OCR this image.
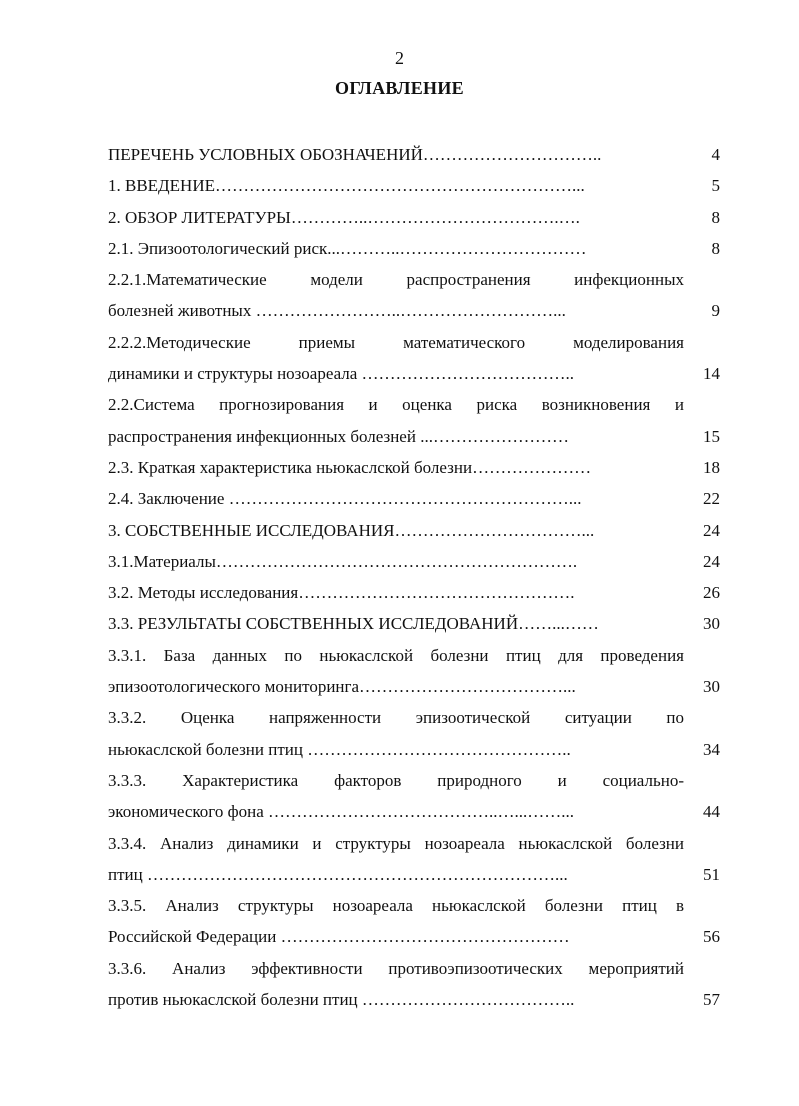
2
ОГЛАВЛЕНИЕ
ПЕРЕЧЕНЬ УСЛОВНЫХ ОБОЗНАЧЕНИЙ…………………………..	4
1. ВВЕДЕНИЕ………………………………………………………...	5
2. ОБЗОР ЛИТЕРАТУРЫ…………..…………………………….….	8
2.1. Эпизоотологический риск...………..……………………………	8
2.2.1.Математические модели распространения инфекционных
болезней животных ……………………..………………………...	9
2.2.2.Методические приемы математического моделирования
динамики и структуры нозоареала ………………………………..	14
2.2.Система прогнозирования и оценка риска возникновения и
распространения инфекционных болезней ...……………………	15
2.3. Краткая характеристика ньюкаслской болезни…………………	18
2.4. Заключение ……………………………………………………...	22
3. СОБСТВЕННЫЕ ИССЛЕДОВАНИЯ……………………………...	24
3.1.Материалы……………………………………………………….	24
3.2. Методы исследования………………………………………….	26
3.3. РЕЗУЛЬТАТЫ СОБСТВЕННЫХ ИССЛЕДОВАНИЙ……...……	30
3.3.1. База данных по ньюкаслской болезни птиц для проведения
эпизоотологического мониторинга………………………………...	30
3.3.2. Оценка напряженности эпизоотической ситуации по
ньюкаслской болезни птиц ………………………………………..	34
3.3.3. Характеристика факторов природного и социально-
экономического фона …………………………………..…...……...	44
3.3.4. Анализ динамики и структуры нозоареала ньюкаслской болезни
птиц ………………………………………………………………...	51
3.3.5. Анализ структуры нозоареала ньюкаслской болезни птиц в
Российской Федерации ……………………………………………	56
3.3.6. Анализ эффективности противоэпизоотических мероприятий
против ньюкаслской болезни птиц ………………………………..	57
